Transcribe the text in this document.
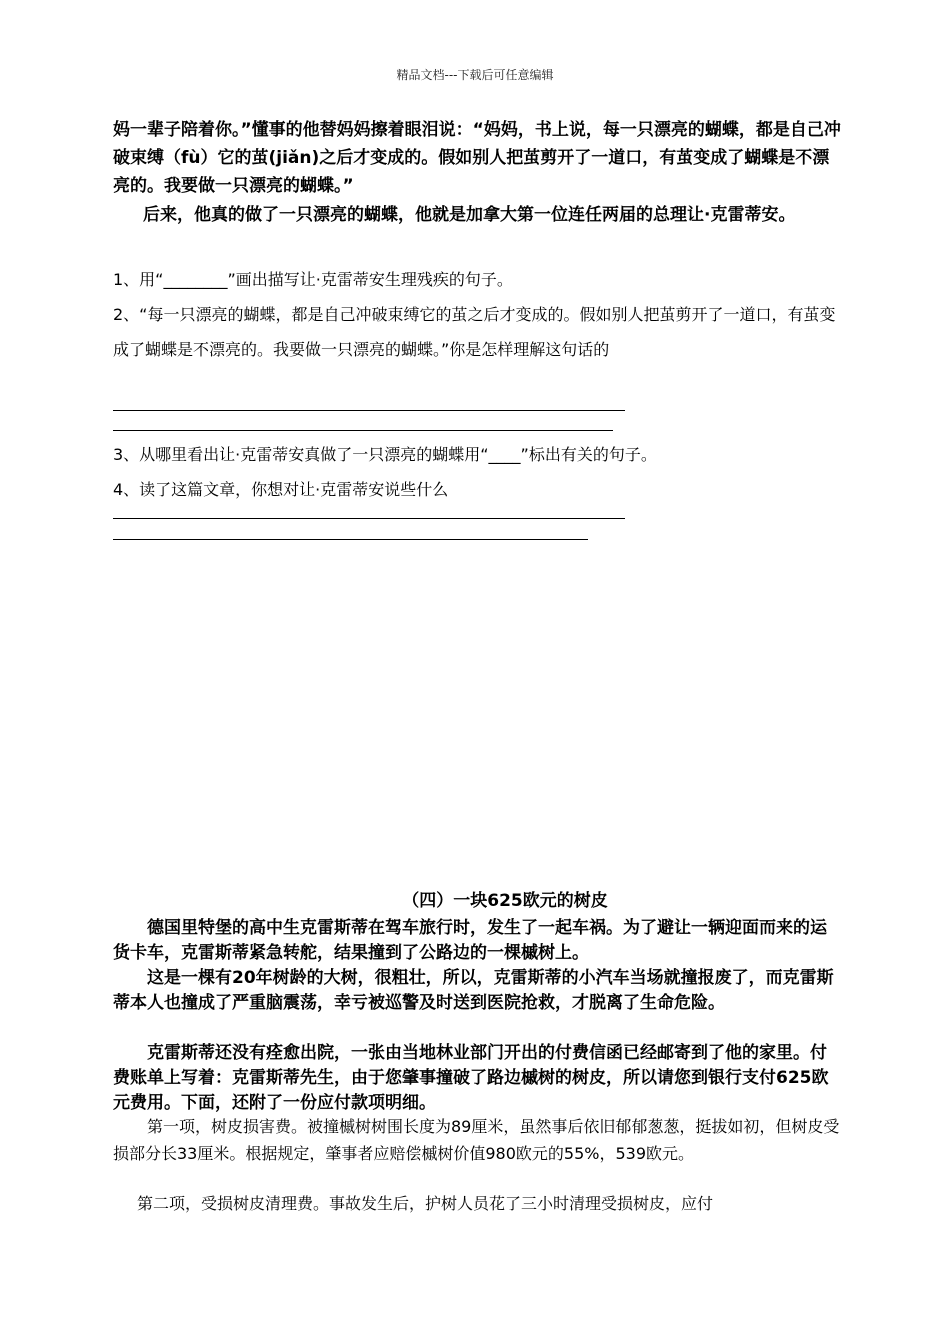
精品文档---下载后可任意编辑
妈一辈子陪着你。”懂事的他替妈妈擦着眼泪说：“妈妈，书上说，每一只漂亮的蝴蝶，都是自己冲破束缚（fù）它的茧(jiǎn)之后才变成的。假如别人把茧剪开了一道口，有茧变成了蝴蝶是不漂亮的。我要做一只漂亮的蝴蝶。”
后来，他真的做了一只漂亮的蝴蝶，他就是加拿大第一位连任两届的总理让·克雷蒂安。
1、用“________”画出描写让·克雷蒂安生理残疾的句子。
2、“每一只漂亮的蝴蝶，都是自己冲破束缚它的茧之后才变成的。假如别人把茧剪开了一道口，有茧变成了蝴蝶是不漂亮的。我要做一只漂亮的蝴蝶。”你是怎样理解这句话的
3、从哪里看出让·克雷蒂安真做了一只漂亮的蝴蝶用“____”标出有关的句子。
4、读了这篇文章，你想对让·克雷蒂安说些什么
（四）一块625欧元的树皮
德国里特堡的高中生克雷斯蒂在驾车旅行时，发生了一起车祸。为了避让一辆迎面而来的运货卡车，克雷斯蒂紧急转舵，结果撞到了公路边的一棵槭树上。
这是一棵有20年树龄的大树，很粗壮，所以，克雷斯蒂的小汽车当场就撞报废了，而克雷斯蒂本人也撞成了严重脑震荡，幸亏被巡警及时送到医院抢救，才脱离了生命危险。
克雷斯蒂还没有痊愈出院，一张由当地林业部门开出的付费信函已经邮寄到了他的家里。付费账单上写着：克雷斯蒂先生，由于您肇事撞破了路边槭树的树皮，所以请您到银行支付625欧元费用。下面，还附了一份应付款项明细。
第一项，树皮损害费。被撞槭树树围长度为89厘米，虽然事后依旧郁郁葱葱，挺拔如初，但树皮受损部分长33厘米。根据规定，肇事者应赔偿槭树价值980欧元的55%，539欧元。
第二项，受损树皮清理费。事故发生后，护树人员花了三小时清理受损树皮，应付
